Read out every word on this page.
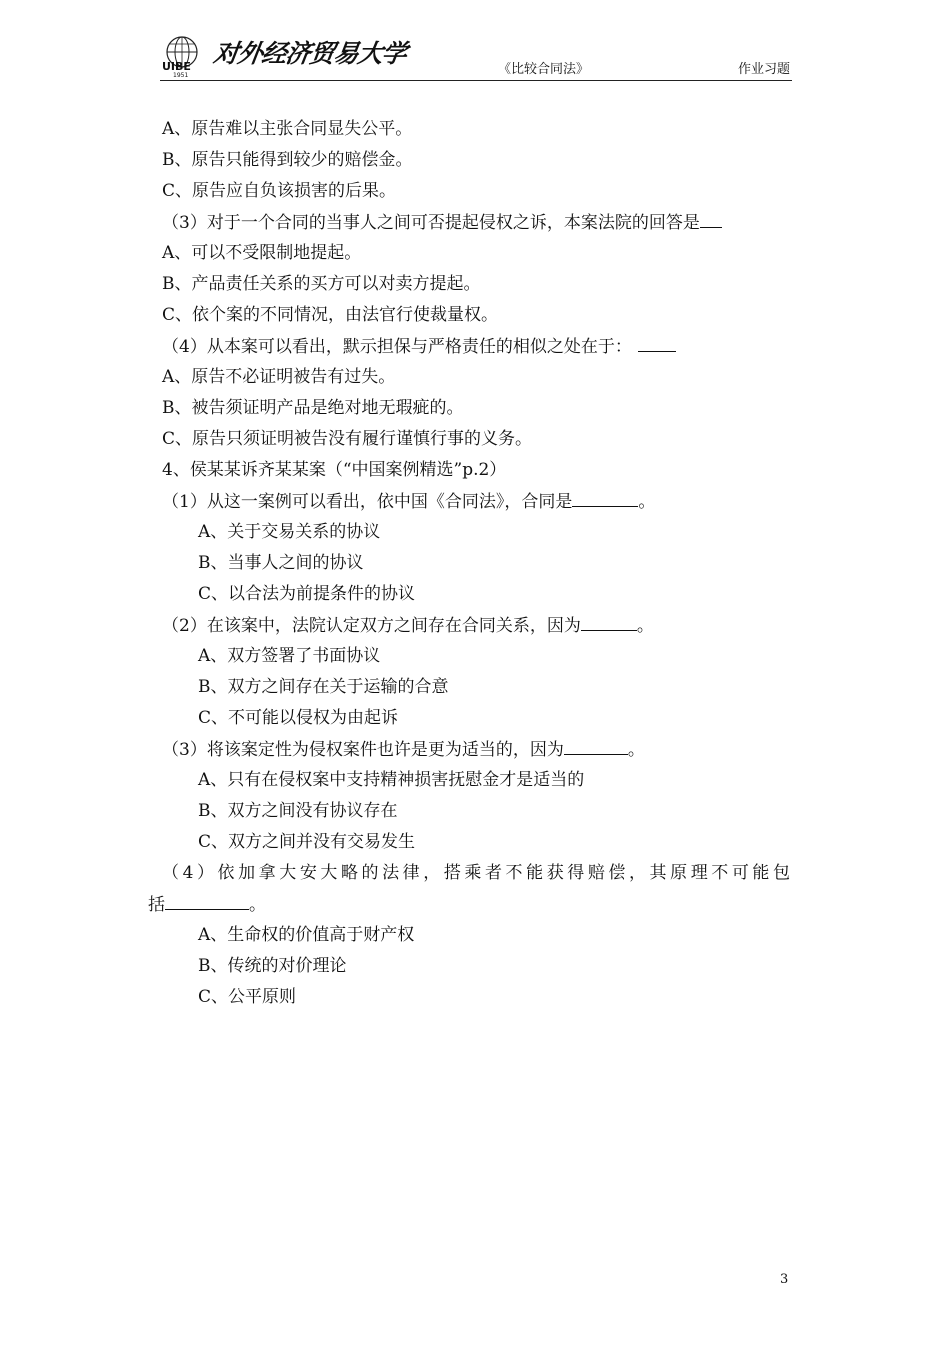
UIBE
1951
对外经济贸易大学
《比较合同法》	作业习题
A、原告难以主张合同显失公平。
B、原告只能得到较少的赔偿金。
C、原告应自负该损害的后果。
（3）对于一个合同的当事人之间可否提起侵权之诉，本案法院的回答是
A、可以不受限制地提起。
B、产品责任关系的买方可以对卖方提起。
C、依个案的不同情况，由法官行使裁量权。
（4）从本案可以看出，默示担保与严格责任的相似之处在于：
A、原告不必证明被告有过失。
B、被告须证明产品是绝对地无瑕疵的。
C、原告只须证明被告没有履行谨慎行事的义务。
4、侯某某诉齐某某案（“中国案例精选”p.2）
（1）从这一案例可以看出，依中国《合同法》，合同是	。
A、关于交易关系的协议
B、当事人之间的协议
C、以合法为前提条件的协议
（2）在该案中，法院认定双方之间存在合同关系，因为	。
A、双方签署了书面协议
B、双方之间存在关于运输的合意
C、不可能以侵权为由起诉
（3）将该案定性为侵权案件也许是更为适当的，因为	。
A、只有在侵权案中支持精神损害抚慰金才是适当的
B、双方之间没有协议存在
C、双方之间并没有交易发生
（4）依加拿大安大略的法律，搭乘者不能获得赔偿，其原理不可能包
括	。
A、生命权的价值高于财产权
B、传统的对价理论
C、公平原则
3
